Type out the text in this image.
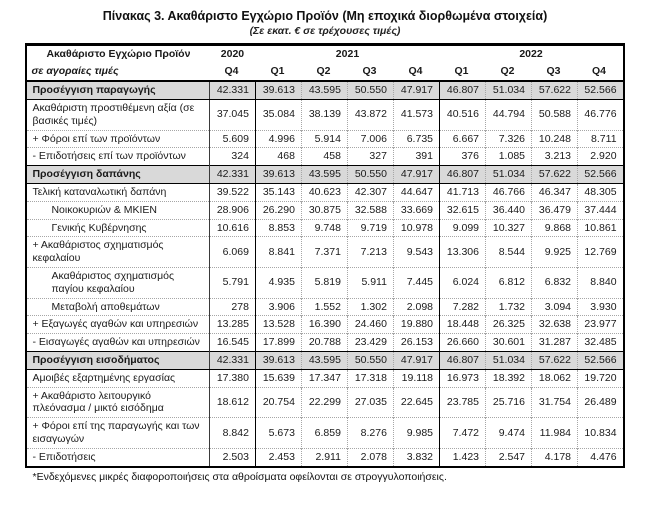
Πίνακας 3. Ακαθάριστο Εγχώριο Προϊόν (Μη εποχικά διορθωμένα στοιχεία)
(Σε εκατ. € σε τρέχουσες τιμές)
Ακαθάριστο Εγχώριο Προϊόν	2020	2021				2022			
σε αγοραίες τιμές	Q4	Q1	Q2	Q3	Q4	Q1	Q2	Q3	Q4
Προσέγγιση παραγωγής	42.331	39.613	43.595	50.550	47.917	46.807	51.034	57.622	52.566
Ακαθάριστη προστιθέμενη αξία (σε βασικές τιμές)	37.045	35.084	38.139	43.872	41.573	40.516	44.794	50.588	46.776
+ Φόροι επί των προϊόντων	5.609	4.996	5.914	7.006	6.735	6.667	7.326	10.248	8.711
- Επιδοτήσεις επί των προϊόντων	324	468	458	327	391	376	1.085	3.213	2.920
Προσέγγιση δαπάνης	42.331	39.613	43.595	50.550	47.917	46.807	51.034	57.622	52.566
Τελική καταναλωτική δαπάνη	39.522	35.143	40.623	42.307	44.647	41.713	46.766	46.347	48.305
Νοικοκυριών & ΜΚΙΕΝ	28.906	26.290	30.875	32.588	33.669	32.615	36.440	36.479	37.444
Γενικής Κυβέρνησης	10.616	8.853	9.748	9.719	10.978	9.099	10.327	9.868	10.861
+ Ακαθάριστος σχηματισμός κεφαλαίου	6.069	8.841	7.371	7.213	9.543	13.306	8.544	9.925	12.769
Ακαθάριστος σχηματισμός παγίου κεφαλαίου	5.791	4.935	5.819	5.911	7.445	6.024	6.812	6.832	8.840
Μεταβολή αποθεμάτων	278	3.906	1.552	1.302	2.098	7.282	1.732	3.094	3.930
+ Εξαγωγές αγαθών και υπηρεσιών	13.285	13.528	16.390	24.460	19.880	18.448	26.325	32.638	23.977
- Εισαγωγές αγαθών και υπηρεσιών	16.545	17.899	20.788	23.429	26.153	26.660	30.601	31.287	32.485
Προσέγγιση εισοδήματος	42.331	39.613	43.595	50.550	47.917	46.807	51.034	57.622	52.566
Αμοιβές εξαρτημένης εργασίας	17.380	15.639	17.347	17.318	19.118	16.973	18.392	18.062	19.720
+ Ακαθάριστο λειτουργικό πλεόνασμα / μικτό εισόδημα	18.612	20.754	22.299	27.035	22.645	23.785	25.716	31.754	26.489
+ Φόροι επί της παραγωγής και των εισαγωγών	8.842	5.673	6.859	8.276	9.985	7.472	9.474	11.984	10.834
- Επιδοτήσεις	2.503	2.453	2.911	2.078	3.832	1.423	2.547	4.178	4.476
*Ενδεχόμενες μικρές διαφοροποιήσεις στα αθροίσματα οφείλονται σε στρογγυλοποιήσεις.
